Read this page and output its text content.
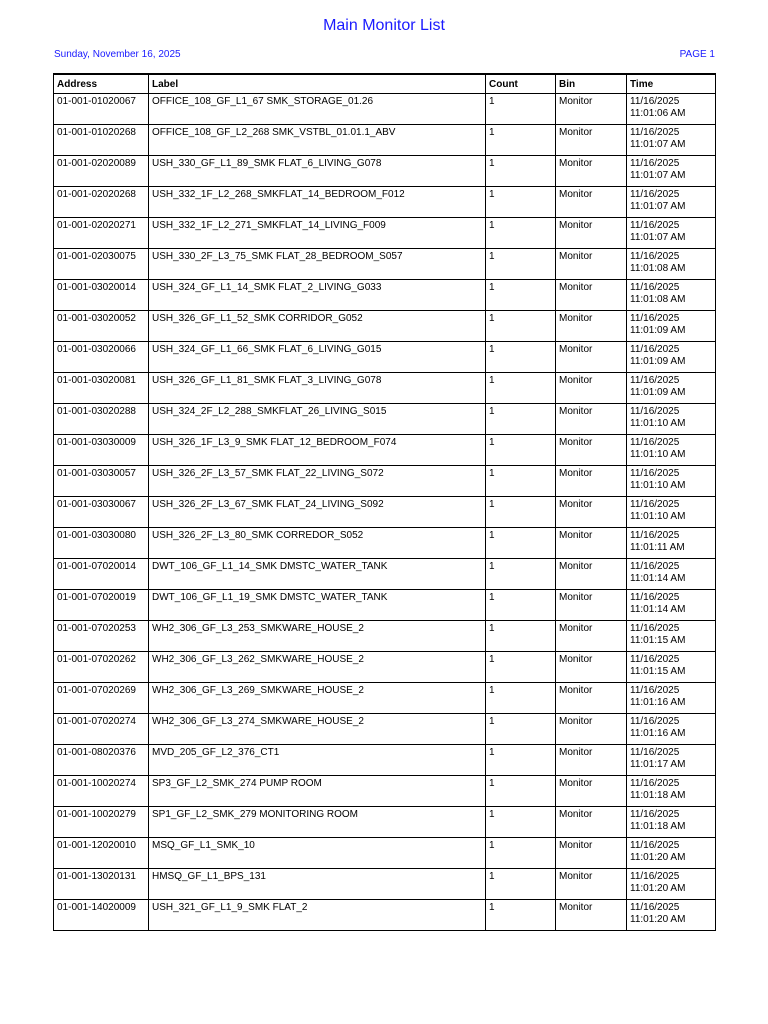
Main Monitor List
Sunday, November 16, 2025	PAGE 1
Address	Label	Count	Bin	Time
01-001-01020067	OFFICE_108_GF_L1_67 SMK_STORAGE_01.26	1	Monitor	11/16/2025
11:01:06 AM

01-001-01020268	OFFICE_108_GF_L2_268 SMK_VSTBL_01.01.1_ABV	1	Monitor	11/16/2025
11:01:07 AM

01-001-02020089	USH_330_GF_L1_89_SMK FLAT_6_LIVING_G078	1	Monitor	11/16/2025
11:01:07 AM

01-001-02020268	USH_332_1F_L2_268_SMKFLAT_14_BEDROOM_F012	1	Monitor	11/16/2025
11:01:07 AM

01-001-02020271	USH_332_1F_L2_271_SMKFLAT_14_LIVING_F009	1	Monitor	11/16/2025
11:01:07 AM

01-001-02030075	USH_330_2F_L3_75_SMK FLAT_28_BEDROOM_S057	1	Monitor	11/16/2025
11:01:08 AM

01-001-03020014	USH_324_GF_L1_14_SMK FLAT_2_LIVING_G033	1	Monitor	11/16/2025
11:01:08 AM

01-001-03020052	USH_326_GF_L1_52_SMK CORRIDOR_G052	1	Monitor	11/16/2025
11:01:09 AM

01-001-03020066	USH_324_GF_L1_66_SMK FLAT_6_LIVING_G015	1	Monitor	11/16/2025
11:01:09 AM

01-001-03020081	USH_326_GF_L1_81_SMK FLAT_3_LIVING_G078	1	Monitor	11/16/2025
11:01:09 AM

01-001-03020288	USH_324_2F_L2_288_SMKFLAT_26_LIVING_S015	1	Monitor	11/16/2025
11:01:10 AM

01-001-03030009	USH_326_1F_L3_9_SMK FLAT_12_BEDROOM_F074	1	Monitor	11/16/2025
11:01:10 AM

01-001-03030057	USH_326_2F_L3_57_SMK FLAT_22_LIVING_S072	1	Monitor	11/16/2025
11:01:10 AM

01-001-03030067	USH_326_2F_L3_67_SMK FLAT_24_LIVING_S092	1	Monitor	11/16/2025
11:01:10 AM

01-001-03030080	USH_326_2F_L3_80_SMK CORREDOR_S052	1	Monitor	11/16/2025
11:01:11 AM

01-001-07020014	DWT_106_GF_L1_14_SMK DMSTC_WATER_TANK	1	Monitor	11/16/2025
11:01:14 AM

01-001-07020019	DWT_106_GF_L1_19_SMK DMSTC_WATER_TANK	1	Monitor	11/16/2025
11:01:14 AM

01-001-07020253	WH2_306_GF_L3_253_SMKWARE_HOUSE_2	1	Monitor	11/16/2025
11:01:15 AM

01-001-07020262	WH2_306_GF_L3_262_SMKWARE_HOUSE_2	1	Monitor	11/16/2025
11:01:15 AM

01-001-07020269	WH2_306_GF_L3_269_SMKWARE_HOUSE_2	1	Monitor	11/16/2025
11:01:16 AM

01-001-07020274	WH2_306_GF_L3_274_SMKWARE_HOUSE_2	1	Monitor	11/16/2025
11:01:16 AM

01-001-08020376	MVD_205_GF_L2_376_CT1	1	Monitor	11/16/2025
11:01:17 AM

01-001-10020274	SP3_GF_L2_SMK_274 PUMP ROOM	1	Monitor	11/16/2025
11:01:18 AM

01-001-10020279	SP1_GF_L2_SMK_279 MONITORING ROOM	1	Monitor	11/16/2025
11:01:18 AM

01-001-12020010	MSQ_GF_L1_SMK_10	1	Monitor	11/16/2025
11:01:20 AM

01-001-13020131	HMSQ_GF_L1_BPS_131	1	Monitor	11/16/2025
11:01:20 AM

01-001-14020009	USH_321_GF_L1_9_SMK FLAT_2	1	Monitor	11/16/2025
11:01:20 AM
